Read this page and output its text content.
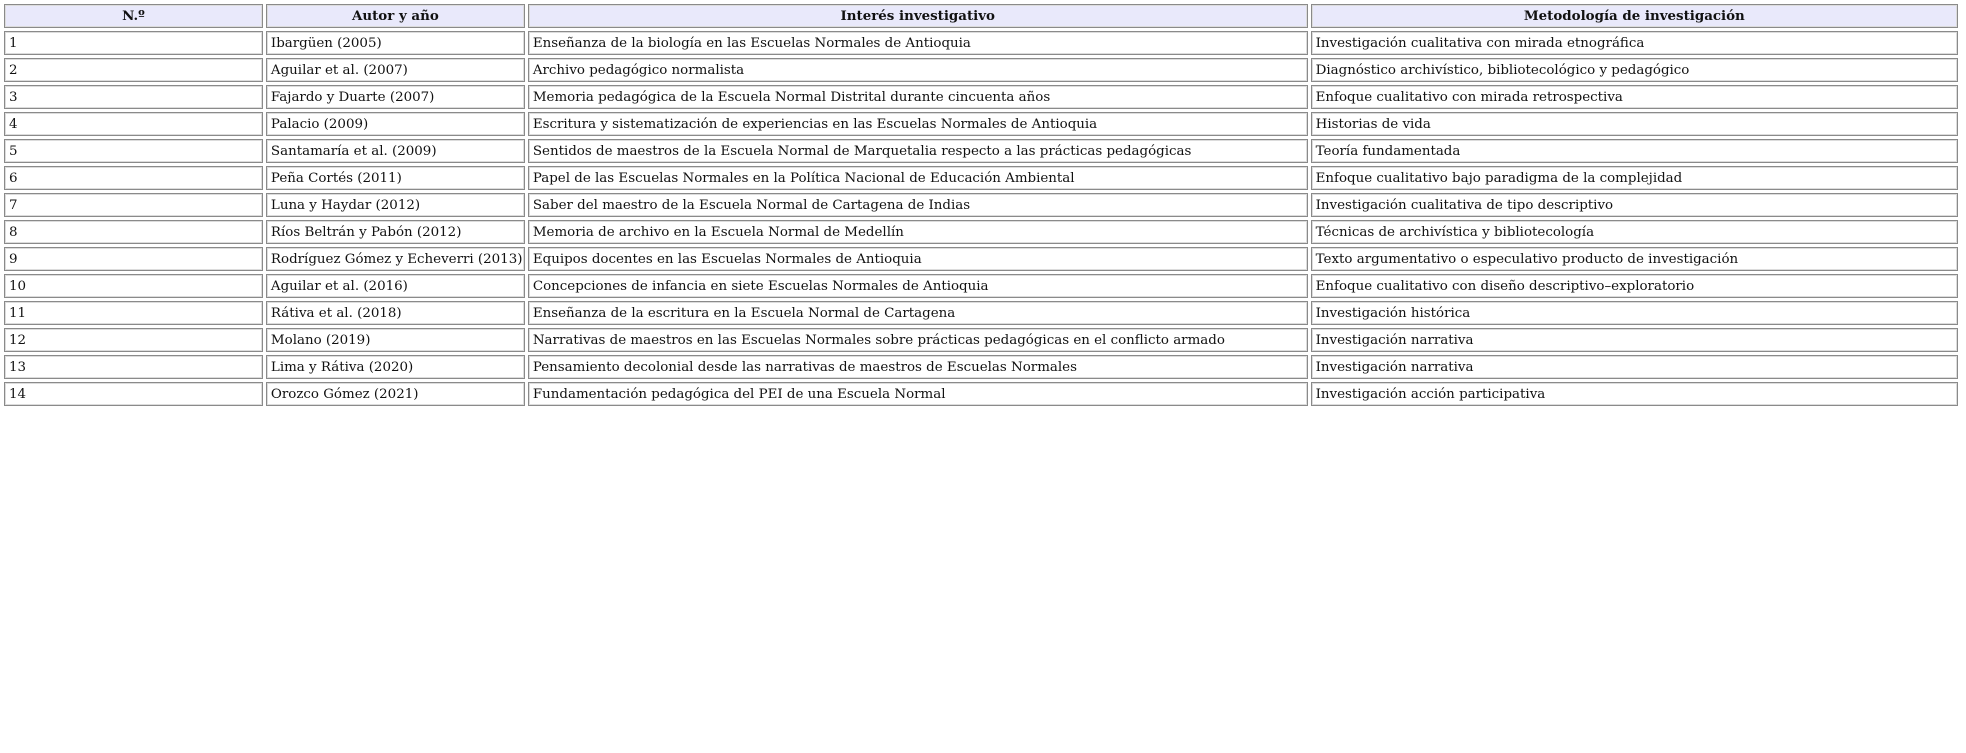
N.º	Autor y año	Interés investigativo	Metodología de investigación
1	Ibargüen (2005)	Enseñanza de la biología en las Escuelas Normales de Antioquia	Investigación cualitativa con mirada etnográfica
2	Aguilar et al. (2007)	Archivo pedagógico normalista	Diagnóstico archivístico, bibliotecológico y pedagógico
3	Fajardo y Duarte (2007)	Memoria pedagógica de la Escuela Normal Distrital durante cincuenta años	Enfoque cualitativo con mirada retrospectiva
4	Palacio (2009)	Escritura y sistematización de experiencias en las Escuelas Normales de Antioquia	Historias de vida
5	Santamaría et al. (2009)	Sentidos de maestros de la Escuela Normal de Marquetalia respecto a las prácticas pedagógicas	Teoría fundamentada
6	Peña Cortés (2011)	Papel de las Escuelas Normales en la Política Nacional de Educación Ambiental	Enfoque cualitativo bajo paradigma de la complejidad
7	Luna y Haydar (2012)	Saber del maestro de la Escuela Normal de Cartagena de Indias	Investigación cualitativa de tipo descriptivo
8	Ríos Beltrán y Pabón (2012)	Memoria de archivo en la Escuela Normal de Medellín	Técnicas de archivística y bibliotecología
9	Rodríguez Gómez y Echeverri (2013)	Equipos docentes en las Escuelas Normales de Antioquia	Texto argumentativo o especulativo producto de investigación
10	Aguilar et al. (2016)	Concepciones de infancia en siete Escuelas Normales de Antioquia	Enfoque cualitativo con diseño descriptivo–exploratorio
11	Rátiva et al. (2018)	Enseñanza de la escritura en la Escuela Normal de Cartagena	Investigación histórica
12	Molano (2019)	Narrativas de maestros en las Escuelas Normales sobre prácticas pedagógicas en el conflicto armado	Investigación narrativa
13	Lima y Rátiva (2020)	Pensamiento decolonial desde las narrativas de maestros de Escuelas Normales	Investigación narrativa
14	Orozco Gómez (2021)	Fundamentación pedagógica del PEI de una Escuela Normal	Investigación acción participativa
